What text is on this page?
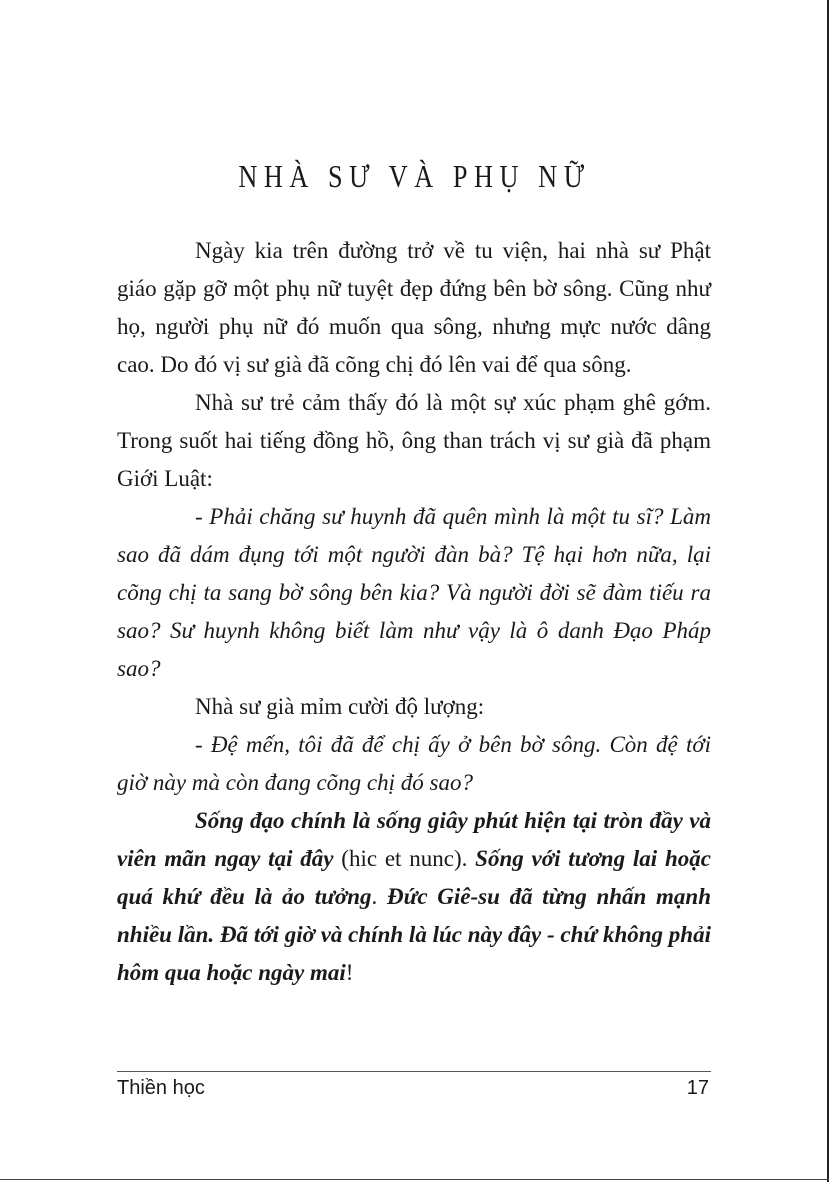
NHÀ SƯ VÀ PHỤ NỮ

Ngày kia trên đường trở về tu viện, hai nhà sư Phật giáo gặp gỡ một phụ nữ tuyệt đẹp đứng bên bờ sông. Cũng như họ, người phụ nữ đó muốn qua sông, nhưng mực nước dâng cao. Do đó vị sư già đã cõng chị đó lên vai để qua sông.

Nhà sư trẻ cảm thấy đó là một sự xúc phạm ghê gớm. Trong suốt hai tiếng đồng hồ, ông than trách vị sư già đã phạm Giới Luật:

- Phải chăng sư huynh đã quên mình là một tu sĩ? Làm sao đã dám đụng tới một người đàn bà? Tệ hại hơn nữa, lại cõng chị ta sang bờ sông bên kia? Và người đời sẽ đàm tiếu ra sao? Sư huynh không biết làm như vậy là ô danh Đạo Pháp sao?

Nhà sư già mỉm cười độ lượng:

- Đệ mến, tôi đã để chị ấy ở bên bờ sông. Còn đệ tới giờ này mà còn đang cõng chị đó sao?

Sống đạo chính là sống giây phút hiện tại tròn đầy và viên mãn ngay tại đây (hic et nunc). Sống với tương lai hoặc quá khứ đều là ảo tưởng. Đức Giê-su đã từng nhấn mạnh nhiều lần. Đã tới giờ và chính là lúc này đây - chứ không phải hôm qua hoặc ngày mai!

Thiền học	17
